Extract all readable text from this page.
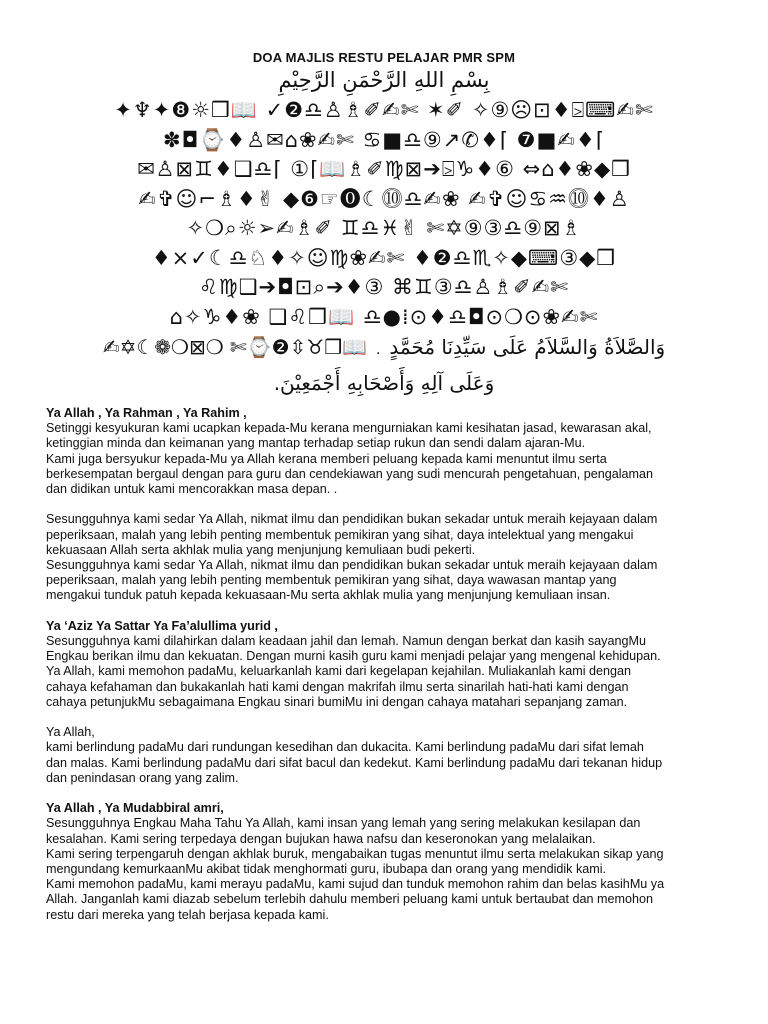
DOA MAJLIS RESTU PELAJAR PMR SPM
بِسْمِ اللهِ الرَّحْمَنِ الرَّحِيْمِ
✦♆✦❽☼❒📖 ✓❷♎♙♗✐✍✄ ✶✐ ✧⑨☹⊡♦⍄⌨✍✄
✽◘⌚♦♙✉⌂❀✍✄ ♋■♎⑨↗✆♦⌈ ❼■✍♦⌈
✉♙⊠♊♦❑♎⌈ ①⌈📖♗✐♍⊠➔⍄♑♦⑥ ⇔⌂♦❀◆❒
✍✞☺⌐♗♦✌ ◆❻☞⓿☾⓾♎✍❀ ✍✞☺♋♒⓾♦♙
✧❍⌕☼➢✍♗✐ ♊♎♓✌ ✄✡⑨③♎⑨⊠♗
♦×✓☾♎♘♦✧☺♍❀✍✄ ♦❷♎♏✧◆⌨③◆❒
♌♍❑➔◘⊡⌕➔♦③ ⌘♊③♎♙♗✐✍✄
⌂✧♑♦❀ ❑♌❒📖 ♎●⁞⊙♦♎◘⊙❍⊙❀✍✄
✍✡☾❁❍⊠❍ ✄⌚❷⇳♉❒📖 . وَالصَّلاَةُ وَالسَّلاَمُ عَلَى سَيِّدِنَا مُحَمَّدٍ
وَعَلَى آلِهِ وَأَصْحَابِهِ أَجْمَعِيْنَ.
Ya Allah , Ya Rahman , Ya Rahim ,
Setinggi kesyukuran kami ucapkan kepada-Mu kerana mengurniakan kami kesihatan jasad, kewarasan akal,
ketinggian minda dan keimanan yang mantap terhadap setiap rukun dan sendi dalam ajaran-Mu.
Kami juga bersyukur kepada-Mu ya Allah kerana memberi peluang kepada kami menuntut ilmu serta
berkesempatan bergaul dengan para guru dan cendekiawan yang sudi mencurah pengetahuan, pengalaman
dan didikan untuk kami mencorakkan masa depan. .
Sesungguhnya kami sedar Ya Allah, nikmat ilmu dan pendidikan bukan sekadar untuk meraih kejayaan dalam
peperiksaan, malah yang lebih penting membentuk pemikiran yang sihat, daya intelektual yang mengakui
kekuasaan Allah serta akhlak mulia yang menjunjung kemuliaan budi pekerti.
Sesungguhnya kami sedar Ya Allah, nikmat ilmu dan pendidikan bukan sekadar untuk meraih kejayaan dalam
peperiksaan, malah yang lebih penting membentuk pemikiran yang sihat, daya wawasan mantap yang
mengakui tunduk patuh kepada kekuasaan-Mu serta akhlak mulia yang menjunjung kemuliaan insan.
Ya ‘Aziz Ya Sattar Ya Fa’alullima yurid ,
Sesungguhnya kami dilahirkan dalam keadaan jahil dan lemah. Namun dengan berkat dan kasih sayangMu
Engkau berikan ilmu dan kekuatan. Dengan murni kasih guru kami menjadi pelajar yang mengenal kehidupan.
Ya Allah, kami memohon padaMu, keluarkanlah kami dari kegelapan kejahilan. Muliakanlah kami dengan
cahaya kefahaman dan bukakanlah hati kami dengan makrifah ilmu serta sinarilah hati-hati kami dengan
cahaya petunjukMu sebagaimana Engkau sinari bumiMu ini dengan cahaya matahari sepanjang zaman.
Ya Allah,
kami berlindung padaMu dari rundungan kesedihan dan dukacita. Kami berlindung padaMu dari sifat lemah
dan malas. Kami berlindung padaMu dari sifat bacul dan kedekut. Kami berlindung padaMu dari tekanan hidup
dan penindasan orang yang zalim.
Ya Allah , Ya Mudabbiral amri,
Sesungguhnya Engkau Maha Tahu Ya Allah, kami insan yang lemah yang sering melakukan kesilapan dan
kesalahan. Kami sering terpedaya dengan bujukan hawa nafsu dan keseronokan yang melalaikan.
Kami sering terpengaruh dengan akhlak buruk, mengabaikan tugas menuntut ilmu serta melakukan sikap yang
mengundang kemurkaanMu akibat tidak menghormati guru, ibubapa dan orang yang mendidik kami.
Kami memohon padaMu, kami merayu padaMu, kami sujud dan tunduk memohon rahim dan belas kasihMu ya
Allah. Janganlah kami diazab sebelum terlebih dahulu memberi peluang kami untuk bertaubat dan memohon
restu dari mereka yang telah berjasa kepada kami.
